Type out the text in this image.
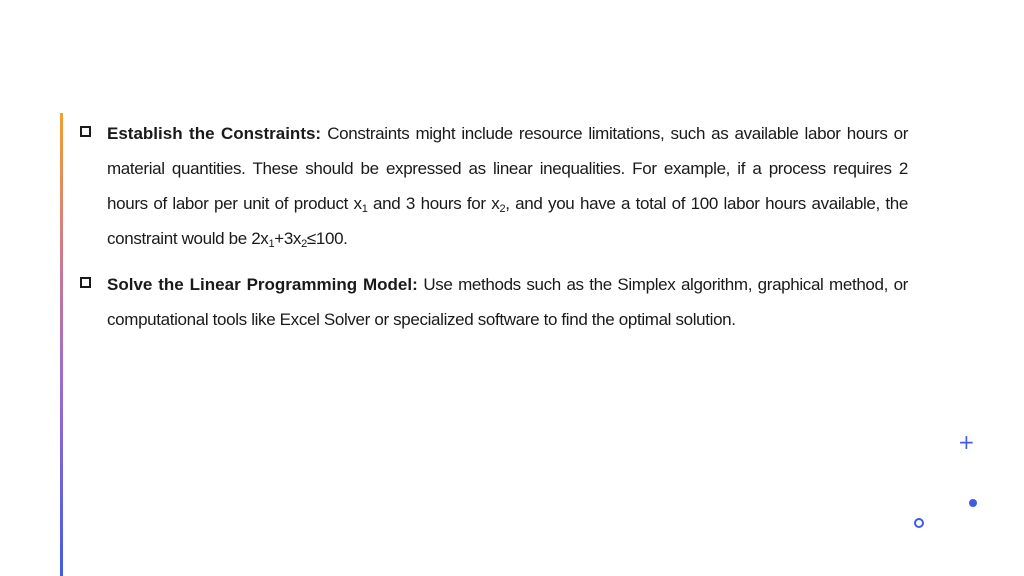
Establish the Constraints: Constraints might include resource limitations, such as available labor hours or material quantities. These should be expressed as linear inequalities. For example, if a process requires 2 hours of labor per unit of product $x_1$ and 3 hours for $x_2$, and you have a total of 100 labor hours available, the constraint would be $2x_1+3x_2\le 100$.
Solve the Linear Programming Model: Use methods such as the Simplex algorithm, graphical method, or computational tools like Excel Solver or specialized software to find the optimal solution.
+
